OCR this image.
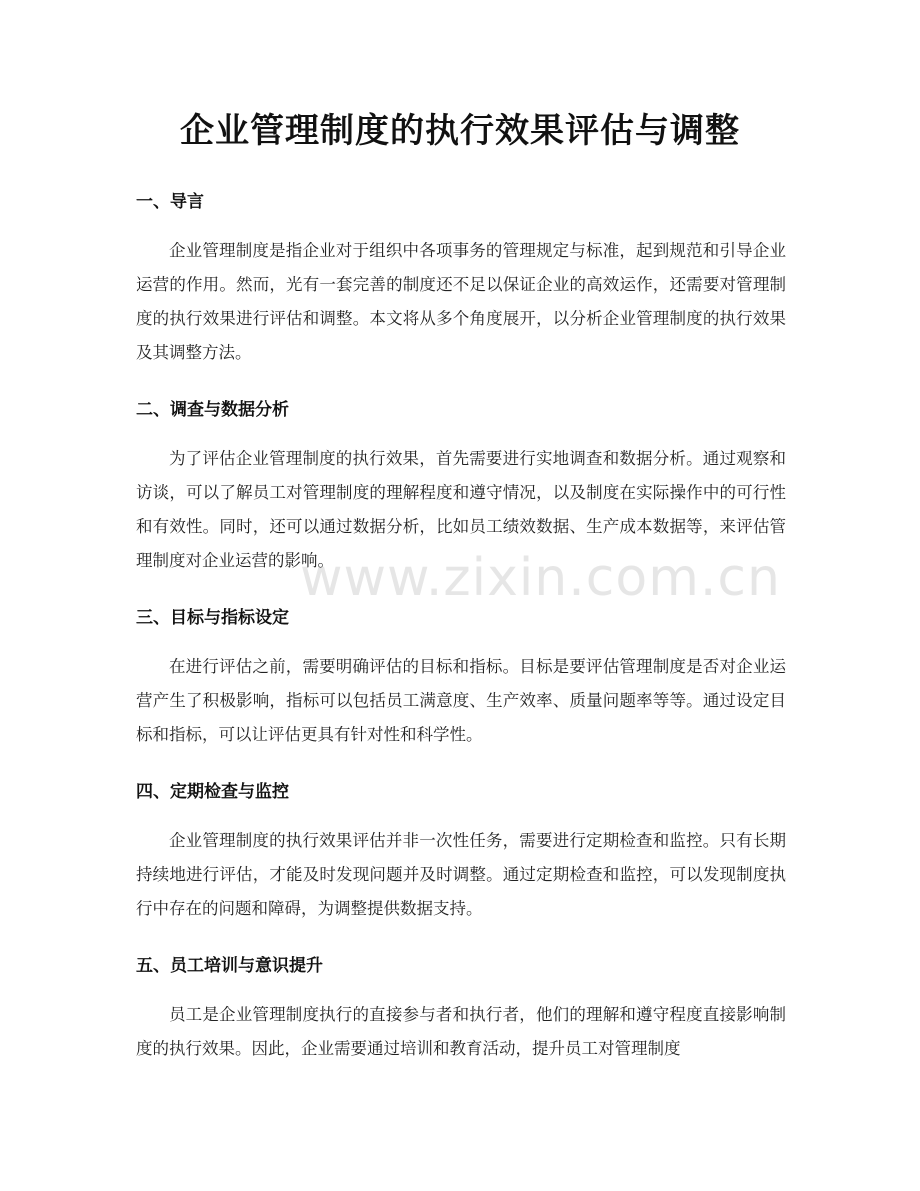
www.zixin.com.cn
企业管理制度的执行效果评估与调整
一、导言

企业管理制度是指企业对于组织中各项事务的管理规定与标准，起到规范和引导企业运营的作用。然而，光有一套完善的制度还不足以保证企业的高效运作，还需要对管理制度的执行效果进行评估和调整。本文将从多个角度展开，以分析企业管理制度的执行效果及其调整方法。

二、调查与数据分析

为了评估企业管理制度的执行效果，首先需要进行实地调查和数据分析。通过观察和访谈，可以了解员工对管理制度的理解程度和遵守情况，以及制度在实际操作中的可行性和有效性。同时，还可以通过数据分析，比如员工绩效数据、生产成本数据等，来评估管理制度对企业运营的影响。

三、目标与指标设定

在进行评估之前，需要明确评估的目标和指标。目标是要评估管理制度是否对企业运营产生了积极影响，指标可以包括员工满意度、生产效率、质量问题率等等。通过设定目标和指标，可以让评估更具有针对性和科学性。

四、定期检查与监控

企业管理制度的执行效果评估并非一次性任务，需要进行定期检查和监控。只有长期持续地进行评估，才能及时发现问题并及时调整。通过定期检查和监控，可以发现制度执行中存在的问题和障碍，为调整提供数据支持。

五、员工培训与意识提升

员工是企业管理制度执行的直接参与者和执行者，他们的理解和遵守程度直接影响制度的执行效果。因此，企业需要通过培训和教育活动，提升员工对管理制度
